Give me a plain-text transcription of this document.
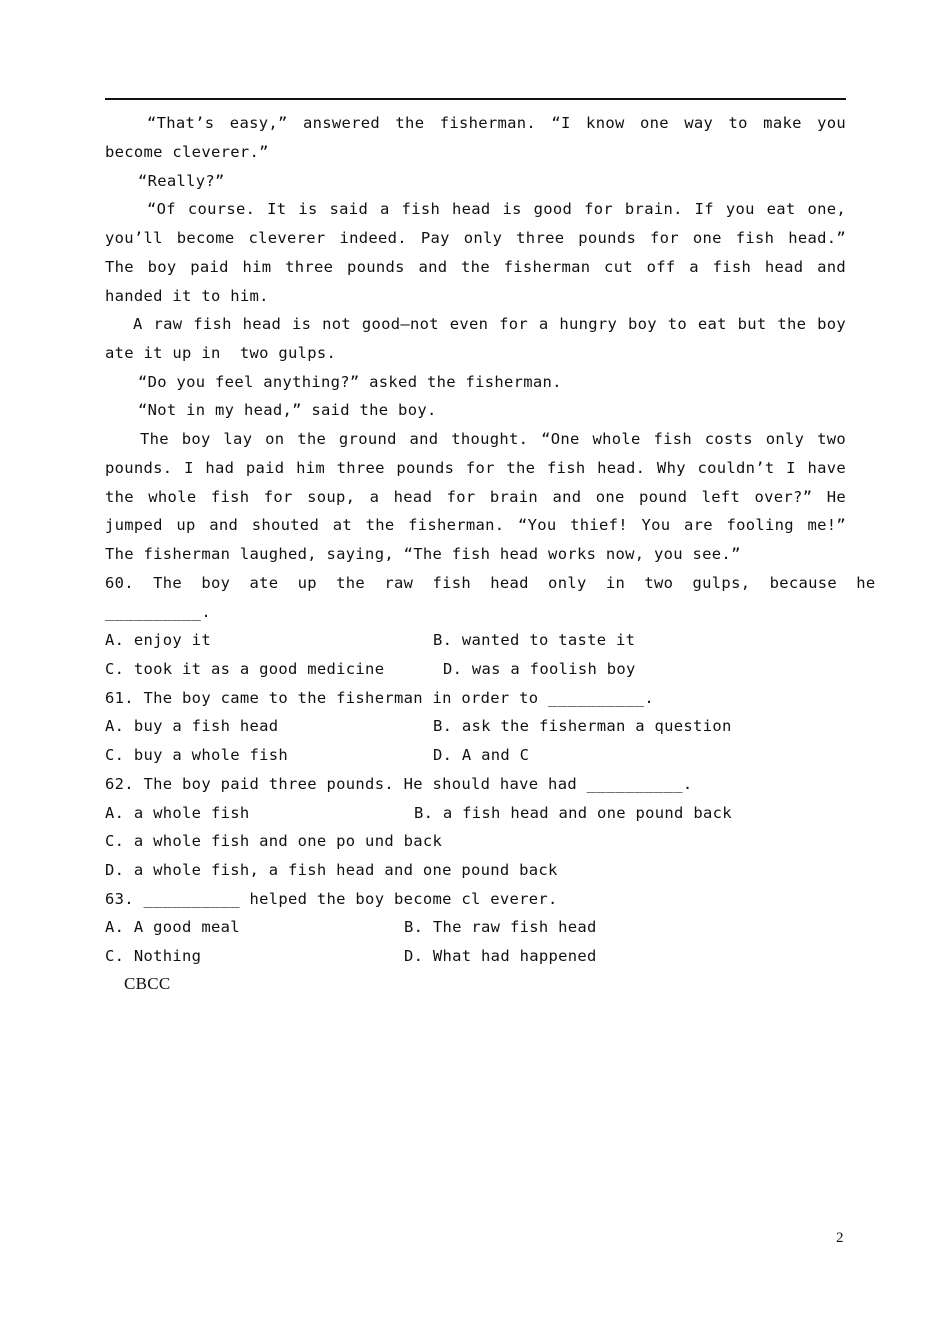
“That’s easy,” answered the fisherman. “I know one way to make you
become cleverer.”
“Really?”
“Of course. It is said a fish head is good for brain. If you eat one,
you’ll become cleverer indeed. Pay only three pounds for one fish head.”
The boy paid him three pounds and the fisherman cut off a fish head and
handed it to him.
A raw fish head is not good—not even for a hungry boy to eat but the boy
ate it up in  two gulps.
“Do you feel anything?” asked the fisherman.
“Not in my head,” said the boy.
The boy lay on the ground and thought. “One whole fish costs only two
pounds. I had paid him three pounds for the fish head. Why couldn’t I have
the whole fish for soup, a head for brain and one pound left over?” He
jumped up and shouted at the fisherman. “You thief! You are fooling me!”
The fisherman laughed, saying, “The fish head works now, you see.”
60.  The  boy  ate  up  the  raw  fish  head  only  in  two  gulps,  because  he
__________.
A. enjoy it	B. wanted to taste it
C. took it as a good medicine	D. was a foolish boy
61. The boy came to the fisherman in order to __________.
A. buy a fish head	B. ask the fisherman a question
C. buy a whole fish	D. A and C
62. The boy paid three pounds. He should have had __________.
A. a whole fish	B. a fish head and one pound back
C. a whole fish and one po und back
D. a whole fish, a fish head and one pound back
63. __________ helped the boy become cl everer.
A. A good meal	B. The raw fish head
C. Nothing	D. What had happened
CBCC
2
